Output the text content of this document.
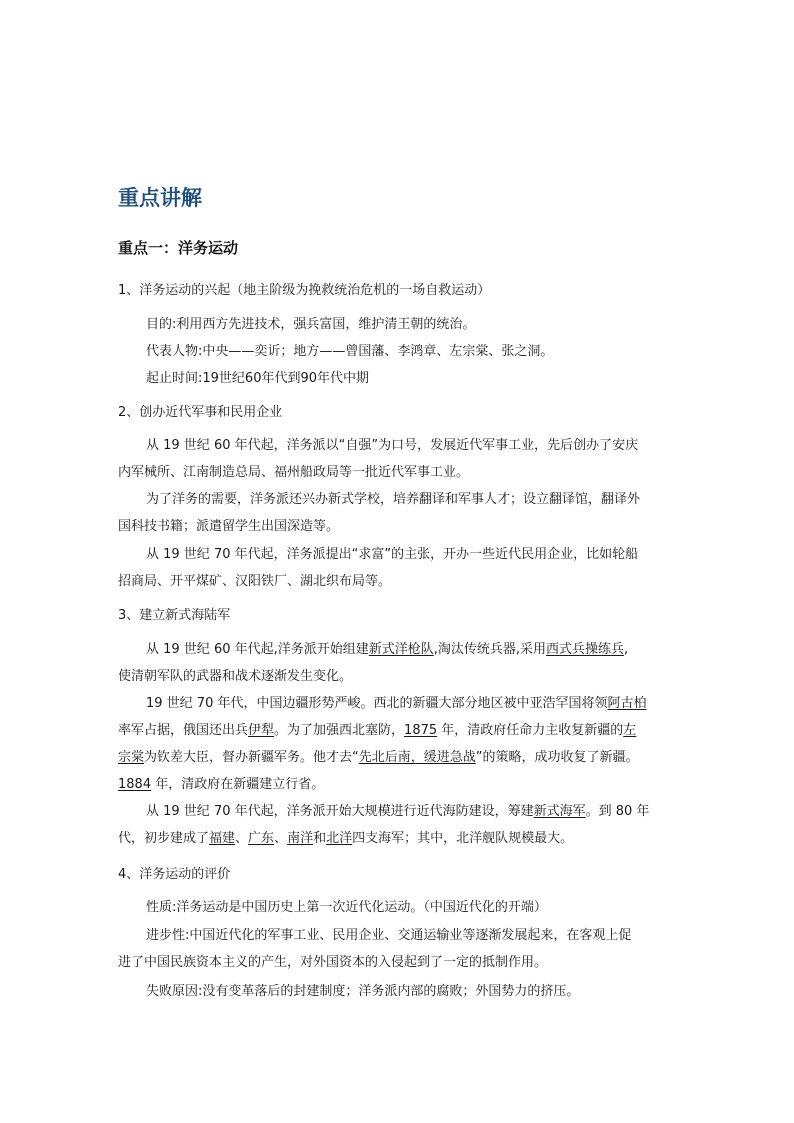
重点讲解
重点一：洋务运动
1、洋务运动的兴起（地主阶级为挽救统治危机的一场自救运动）
目的:利用西方先进技术，强兵富国，维护清王朝的统治。
代表人物:中央——奕䜣；地方——曾国藩、李鸿章、左宗棠、张之洞。
起止时间:19世纪60年代到90年代中期
2、创办近代军事和民用企业
从 19 世纪 60 年代起，洋务派以“自强”为口号，发展近代军事工业，先后创办了安庆
内军械所、江南制造总局、福州船政局等一批近代军事工业。
为了洋务的需要，洋务派还兴办新式学校，培养翻译和军事人才；设立翻译馆，翻译外
国科技书籍；派遣留学生出国深造等。
从 19 世纪 70 年代起，洋务派提出“求富”的主张，开办一些近代民用企业，比如轮船
招商局、开平煤矿、汉阳铁厂、湖北织布局等。
3、建立新式海陆军
从 19 世纪 60 年代起,洋务派开始组建新式洋枪队,淘汰传统兵器,采用西式兵操练兵,
使清朝军队的武器和战术逐渐发生变化。
19 世纪 70 年代，中国边疆形势严峻。西北的新疆大部分地区被中亚浩罕国将领阿古柏
率军占据，俄国还出兵伊犁。为了加强西北塞防，1875 年，清政府任命力主收复新疆的左
宗棠为钦差大臣，督办新疆军务。他才去“先北后南，缓进急战”的策略，成功收复了新疆。
1884 年，清政府在新疆建立行省。
从 19 世纪 70 年代起，洋务派开始大规模进行近代海防建设，筹建新式海军。到 80 年
代，初步建成了福建、广东、南洋和北洋四支海军；其中，北洋舰队规模最大。
4、洋务运动的评价
性质:洋务运动是中国历史上第一次近代化运动。（中国近代化的开端）
进步性:中国近代化的军事工业、民用企业、交通运输业等逐渐发展起来，在客观上促
进了中国民族资本主义的产生，对外国资本的入侵起到了一定的抵制作用。
失败原因:没有变革落后的封建制度；洋务派内部的腐败；外国势力的挤压。
